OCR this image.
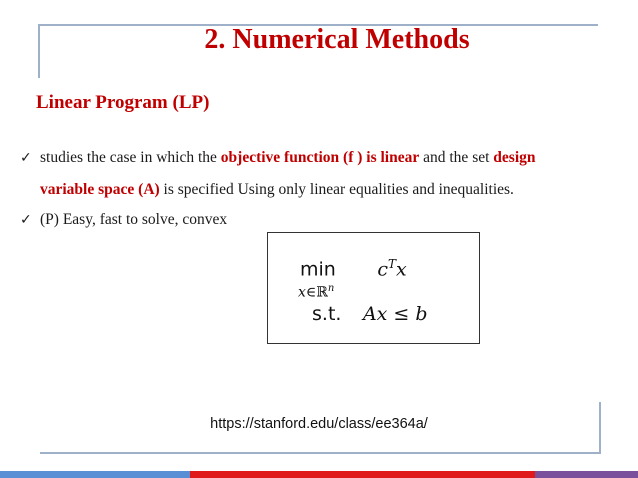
2. Numerical Methods
Linear Program (LP)
✓ studies the case in which the objective function (f ) is linear and the set design
variable space (A) is specified Using only linear equalities and inequalities.
✓ (P) Easy, fast to solve, convex
$\min c^Tx$
x∈ℝ$^n$
s.t. Ax ≤ b
https://stanford.edu/class/ee364a/
